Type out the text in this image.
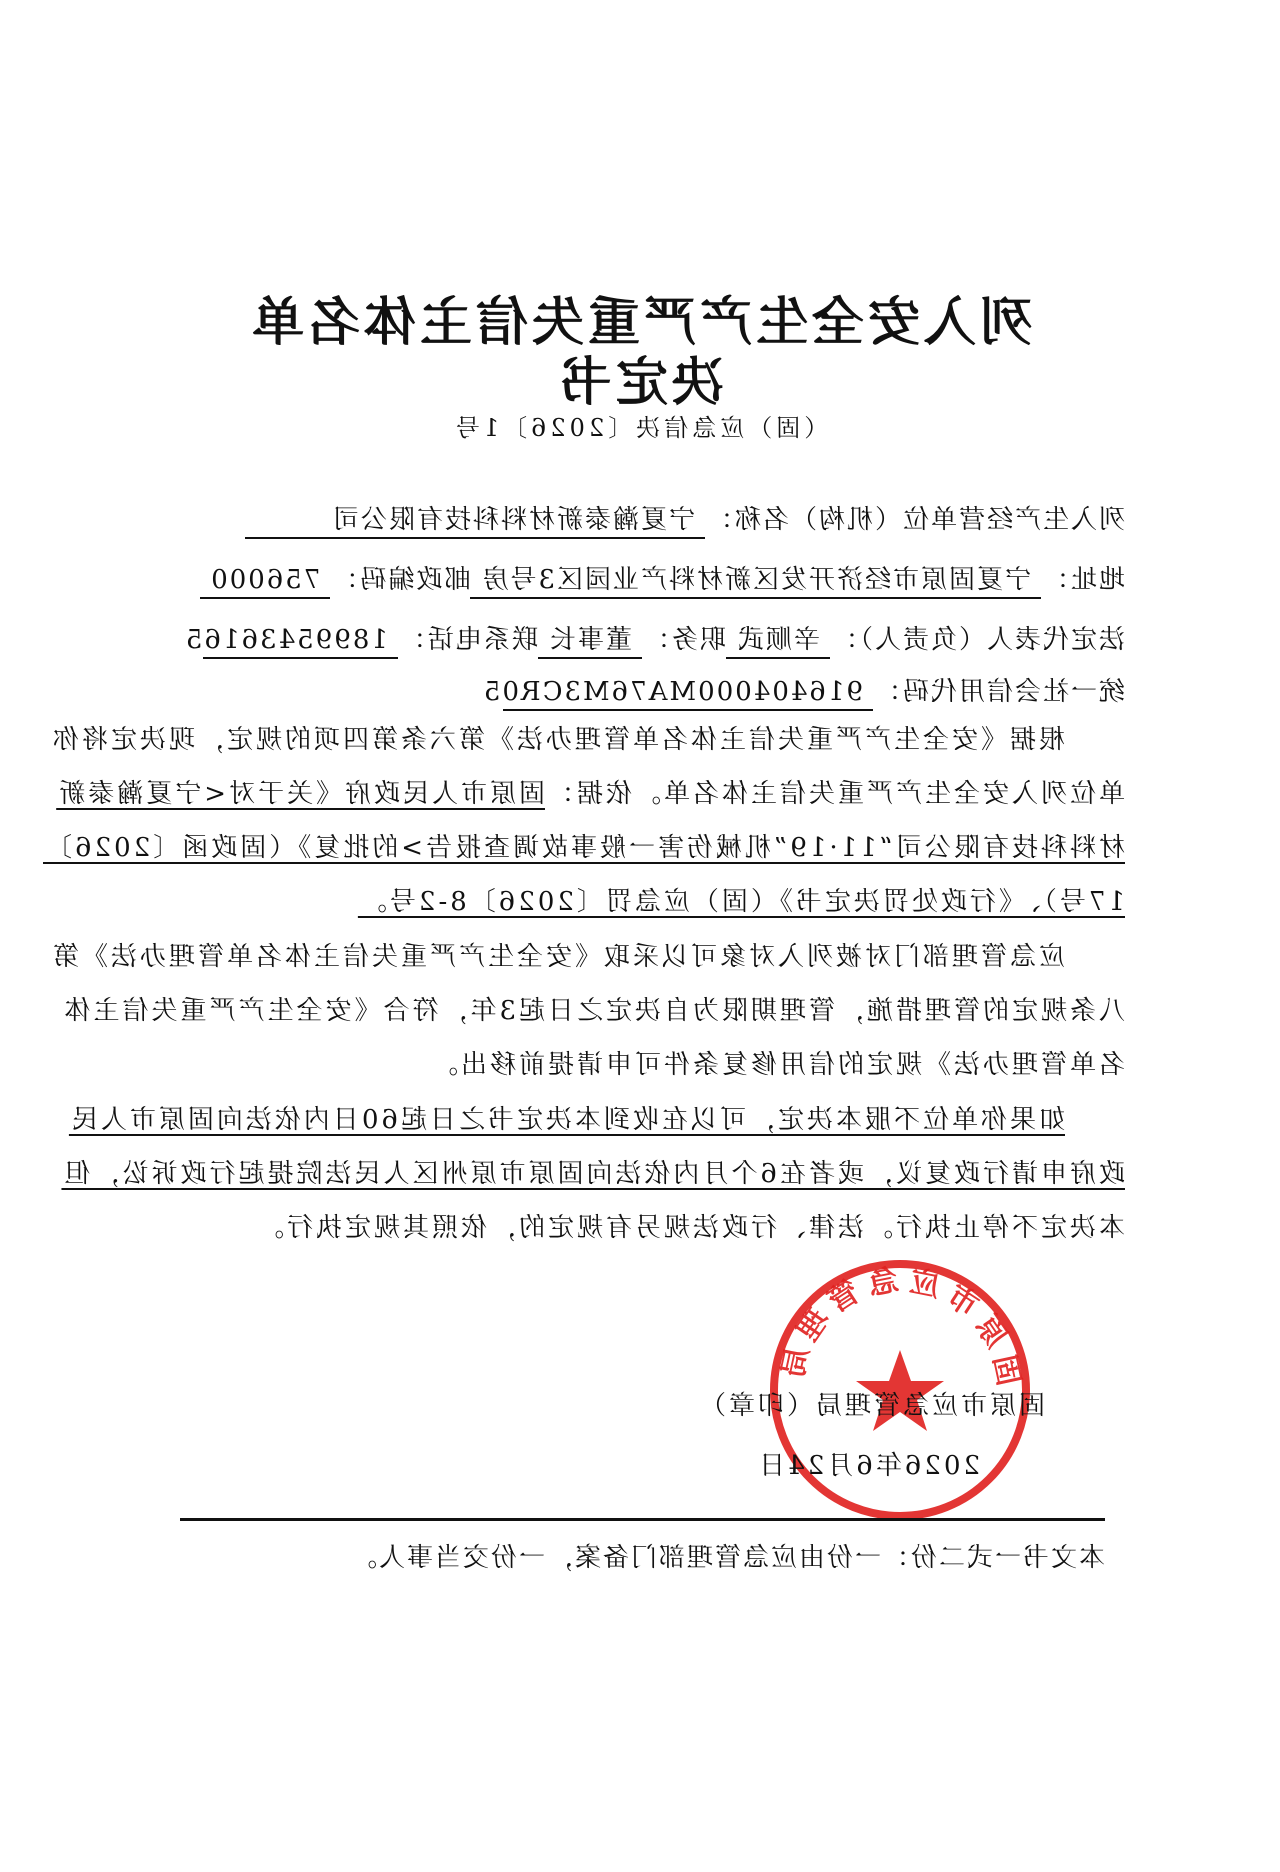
列入安全生产严重失信主体名单
决定书
（固）应急信决〔2026〕1号
列入生产经营单位（机构）名称：宁夏瀚泰新材料科技有限公司
地址：宁夏固原市经济开发区新材料产业园区3号房邮政编码：756000
法定代表人（负责人）：辛顺武职务：董事长联系电话：18995436165
统一社会信用代码：916404000MA76M3CR05
根据《安全生产严重失信主体名单管理办法》第六条第四项的规定，现决定将你
单位列入安全生产严重失信主体名单。依据：固原市人民政府《关于对<宁夏瀚泰新
材料科技有限公司“11·19”机械伤害一般事故调查报告>的批复》（固政函〔2026〕
17号）、《行政处罚决定书》（固）应急罚〔2026〕8-2号。
应急管理部门对被列入对象可以采取《安全生产严重失信主体名单管理办法》第
八条规定的管理措施，管理期限为自决定之日起3年，符合《安全生产严重失信主体
名单管理办法》规定的信用修复条件可申请提前移出。
如果你单位不服本决定，可以在收到本决定书之日起60日内依法向固原市人民
政府申请行政复议，或者在6个月内依法向固原市原州区人民法院提起行政诉讼，但
本决定不停止执行。法律、行政法规另有规定的，依照其规定执行。
固原市应急管理局
固原市应急管理局（印章）
2026年6月24日
本文书一式二份：一份由应急管理部门备案，一份交当事人。
